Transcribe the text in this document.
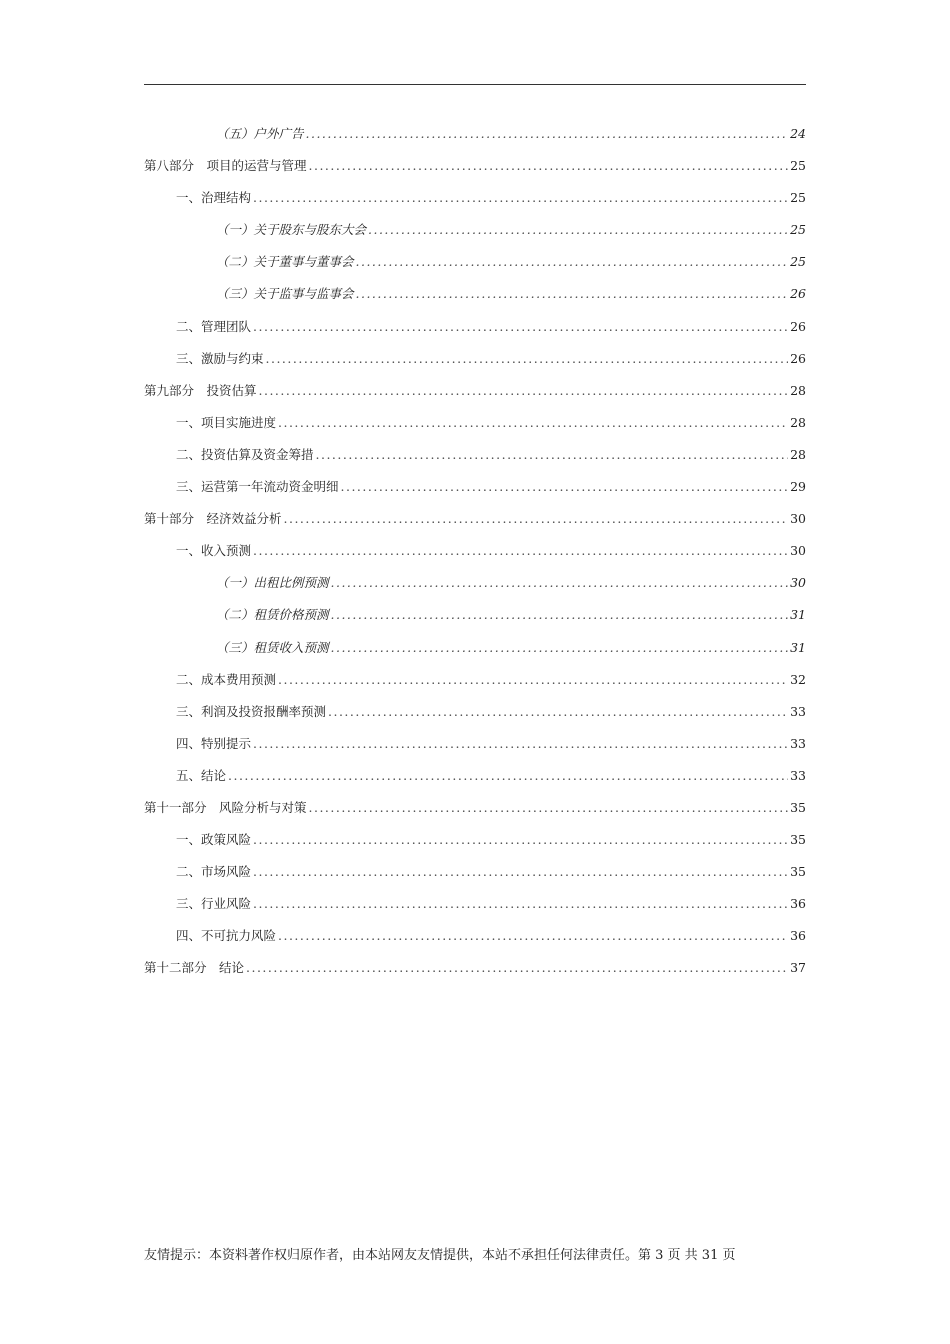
（五）户外广告 .....	24
第八部分　项目的运营与管理 .....	25
一、治理结构 .....	25
（一）关于股东与股东大会 .....	25
（二）关于董事与董事会 .....	25
（三）关于监事与监事会 .....	26
二、管理团队 .....	26
三、激励与约束 .....	26
第九部分　投资估算 .....	28
一、项目实施进度 .....	28
二、投资估算及资金筹措 .....	28
三、运营第一年流动资金明细 .....	29
第十部分　经济效益分析 .....	30
一、收入预测 .....	30
（一）出租比例预测 .....	30
（二）租赁价格预测 .....	31
（三）租赁收入预测 .....	31
二、成本费用预测 .....	32
三、利润及投资报酬率预测 .....	33
四、特别提示 .....	33
五、结论 .....	33
第十一部分　风险分析与对策 .....	35
一、政策风险 .....	35
二、市场风险 .....	35
三、行业风险 .....	36
四、不可抗力风险 .....	36
第十二部分　结论 .....	37
友情提示：本资料著作权归原作者，由本站网友友情提供，本站不承担任何法律责任。第 3 页 共 31 页
